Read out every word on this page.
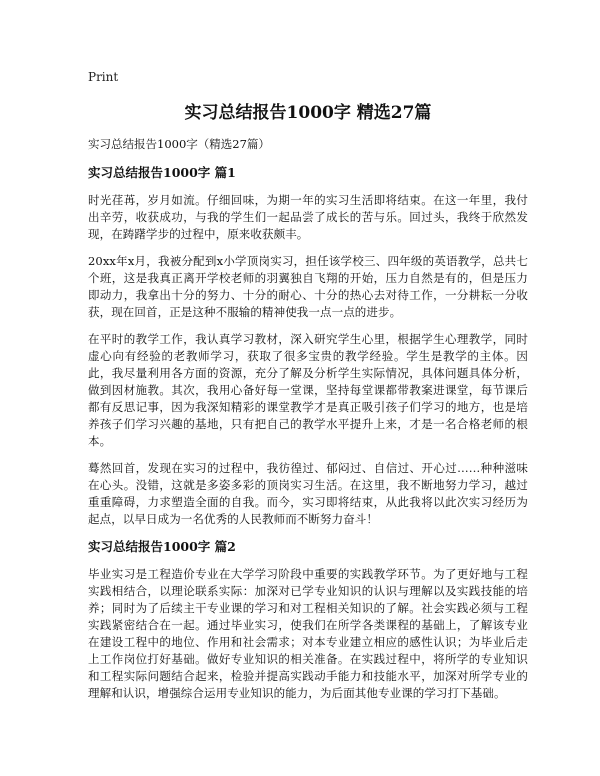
Print
实习总结报告1000字 精选27篇
实习总结报告1000字（精选27篇）
实习总结报告1000字 篇1

时光荏苒，岁月如流。仔细回味，为期一年的实习生活即将结束。在这一年里，我付出辛劳，收获成功，与我的学生们一起品尝了成长的苦与乐。回过头，我终于欣然发现，在踌躇学步的过程中，原来收获颇丰。

20xx年x月，我被分配到x小学顶岗实习，担任该学校三、四年级的英语教学，总共七个班，这是我真正离开学校老师的羽翼独自飞翔的开始，压力自然是有的，但是压力即动力，我拿出十分的努力、十分的耐心、十分的热心去对待工作，一分耕耘一分收获，现在回首，正是这种不服输的精神使我一点一点的进步。

在平时的教学工作，我认真学习教材，深入研究学生心里，根据学生心理教学，同时虚心向有经验的老教师学习，获取了很多宝贵的教学经验。学生是教学的主体。因此，我尽量利用各方面的资源，充分了解及分析学生实际情况，具体问题具体分析，做到因材施教。其次，我用心备好每一堂课，坚持每堂课都带教案进课堂，每节课后都有反思记事，因为我深知精彩的课堂教学才是真正吸引孩子们学习的地方，也是培养孩子们学习兴趣的基地，只有把自己的教学水平提升上来，才是一名合格老师的根本。

蓦然回首，发现在实习的过程中，我彷徨过、郁闷过、自信过、开心过……种种滋味在心头。没错，这就是多姿多彩的顶岗实习生活。在这里，我不断地努力学习，越过重重障碍，力求塑造全面的自我。而今，实习即将结束，从此我将以此次实习经历为起点，以早日成为一名优秀的人民教师而不断努力奋斗！

实习总结报告1000字 篇2

毕业实习是工程造价专业在大学学习阶段中重要的实践教学环节。为了更好地与工程实践相结合，以理论联系实际：加深对已学专业知识的认识与理解以及实践技能的培养；同时为了后续主干专业课的学习和对工程相关知识的了解。社会实践必须与工程实践紧密结合在一起。通过毕业实习，使我们在所学各类课程的基础上，了解该专业在建设工程中的地位、作用和社会需求；对本专业建立相应的感性认识；为毕业后走上工作岗位打好基础。做好专业知识的相关准备。在实践过程中，将所学的专业知识和工程实际问题结合起来，检验并提高实践动手能力和技能水平，加深对所学专业的理解和认识，增强综合运用专业知识的能力，为后面其他专业课的学习打下基础。
